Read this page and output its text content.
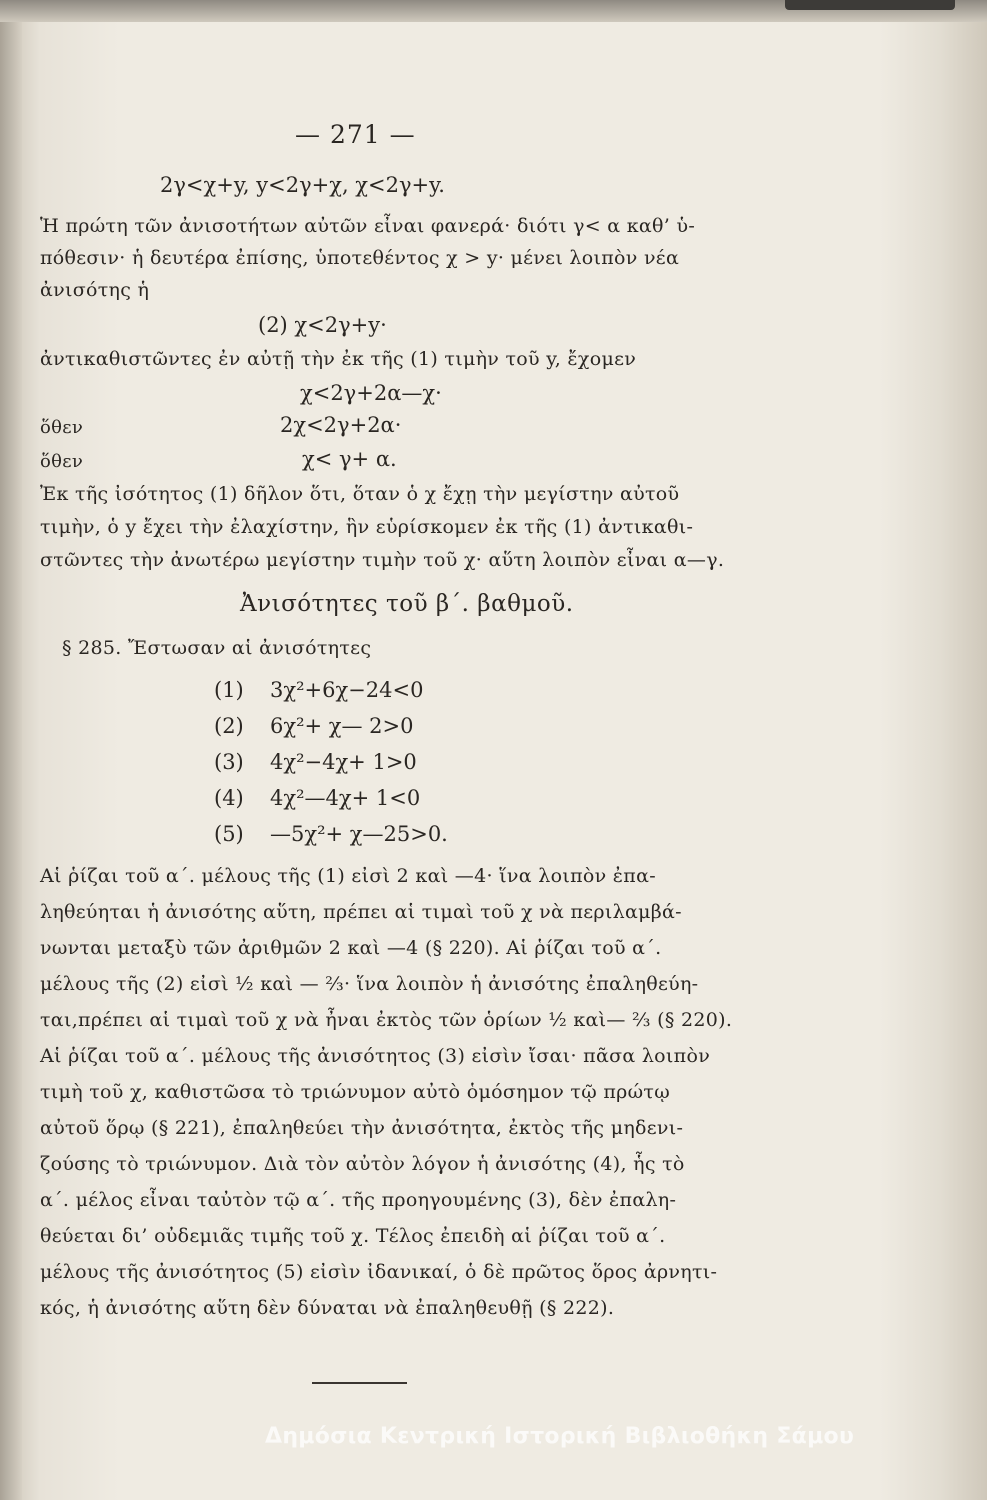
— 271 —
2γ<χ+y, y<2γ+χ, χ<2γ+y.
Ἡ πρώτη τῶν ἀνισοτήτων αὐτῶν εἶναι φανερά· διότι γ< α καθ’ ὑ-
πόθεσιν· ἡ δευτέρα ἐπίσης, ὑποτεθέντος χ > y· μένει λοιπὸν νέα
ἀνισότης ἡ
(2) χ<2γ+y·
ἀντικαθιστῶντες ἐν αὐτῇ τὴν ἐκ τῆς (1) τιμὴν τοῦ y, ἔχομεν
χ<2γ+2α—χ·
ὅθεν	2χ<2γ+2α·
ὅθεν	χ< γ+ α.
Ἐκ τῆς ἰσότητος (1) δῆλον ὅτι, ὅταν ὁ χ ἔχῃ τὴν μεγίστην αὐτοῦ
τιμὴν, ὁ y ἔχει τὴν ἐλαχίστην, ἣν εὑρίσκομεν ἐκ τῆς (1) ἀντικαθι-
στῶντες τὴν ἀνωτέρω μεγίστην τιμὴν τοῦ χ· αὕτη λοιπὸν εἶναι α—γ.
Ἀνισότητες τοῦ β΄. βαθμοῦ.
§ 285. Ἔστωσαν αἱ ἀνισότητες
(1) 3χ²+6χ−24<0
(2) 6χ²+ χ— 2>0
(3) 4χ²−4χ+ 1>0
(4) 4χ²—4χ+ 1<0
(5) —5χ²+ χ—25>0.
Αἱ ῥίζαι τοῦ α΄. μέλους τῆς (1) εἰσὶ 2 καὶ —4· ἵνα λοιπὸν ἐπα-
ληθεύηται ἡ ἀνισότης αὕτη, πρέπει αἱ τιμαὶ τοῦ χ νὰ περιλαμβά-
νωνται μεταξὺ τῶν ἀριθμῶν 2 καὶ —4 (§ 220). Αἱ ῥίζαι τοῦ α΄.
μέλους τῆς (2) εἰσὶ ½ καὶ — ⅔· ἵνα λοιπὸν ἡ ἀνισότης ἐπαληθεύη-
ται,πρέπει αἱ τιμαὶ τοῦ χ νὰ ἦναι ἐκτὸς τῶν ὁρίων ½ καὶ— ⅔ (§ 220).
Αἱ ῥίζαι τοῦ α΄. μέλους τῆς ἀνισότητος (3) εἰσὶν ἴσαι· πᾶσα λοιπὸν
τιμὴ τοῦ χ, καθιστῶσα τὸ τριώνυμον αὐτὸ ὁμόσημον τῷ πρώτῳ
αὐτοῦ ὅρῳ (§ 221), ἐπαληθεύει τὴν ἀνισότητα, ἐκτὸς τῆς μηδενι-
ζούσης τὸ τριώνυμον. Διὰ τὸν αὐτὸν λόγον ἡ ἀνισότης (4), ἧς τὸ
α΄. μέλος εἶναι ταὐτὸν τῷ α΄. τῆς προηγουμένης (3), δὲν ἐπαλη-
θεύεται δι’ οὐδεμιᾶς τιμῆς τοῦ χ. Τέλος ἐπειδὴ αἱ ῥίζαι τοῦ α΄.
μέλους τῆς ἀνισότητος (5) εἰσὶν ἰδανικαί, ὁ δὲ πρῶτος ὅρος ἀρνητι-
κός, ἡ ἀνισότης αὕτη δὲν δύναται νὰ ἐπαληθευθῇ (§ 222).
Δημόσια Κεντρική Ιστορική Βιβλιοθήκη Σάμου
